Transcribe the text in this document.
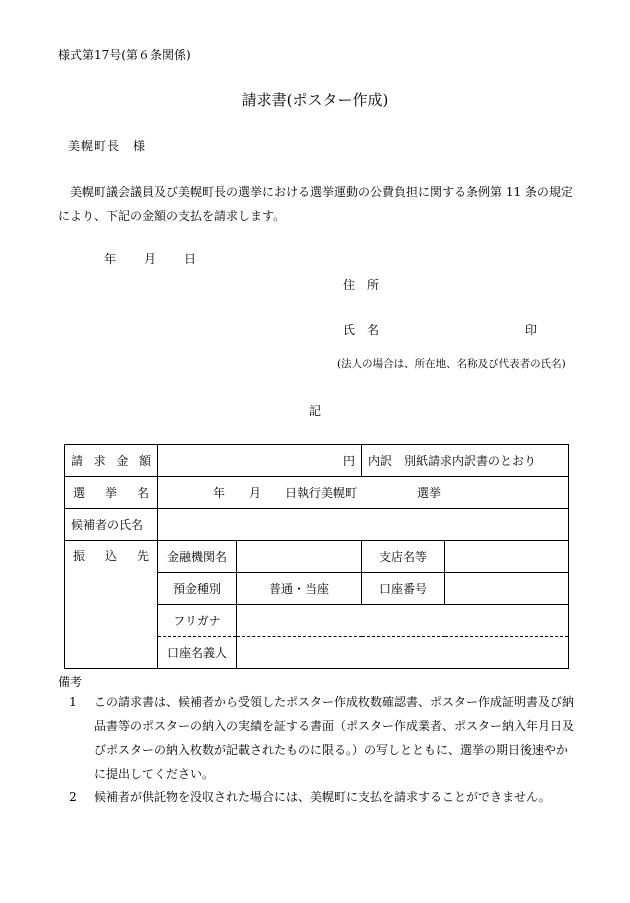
様式第17号(第６条関係)
請求書(ポスター作成)
美幌町長　様
美幌町議会議員及び美幌町長の選挙における選挙運動の公費負担に関する条例第 11 条の規定により、下記の金額の支払を請求します。
年 月 日
住　所
氏　名	印
(法人の場合は、所在地、名称及び代表者の氏名)
記
請 求 金 額	円		内訳　別紙請求内訳書のとおり	

選 挙 名	年　　月　　日執行美幌町　　　　　選挙			
候補者の氏名				

振 込 先	金融機関名		支店名等	
	預金種別	普通・当座	口座番号	
	フリガナ			
	口座名義人			
備考
1	この請求書は、候補者から受領したポスター作成枚数確認書、ポスター作成証明書及び納品書等のポスターの納入の実績を証する書面（ポスター作成業者、ポスター納入年月日及びポスターの納入枚数が記載されたものに限る。）の写しとともに、選挙の期日後速やかに提出してください。
2	候補者が供託物を没収された場合には、美幌町に支払を請求することができません。
